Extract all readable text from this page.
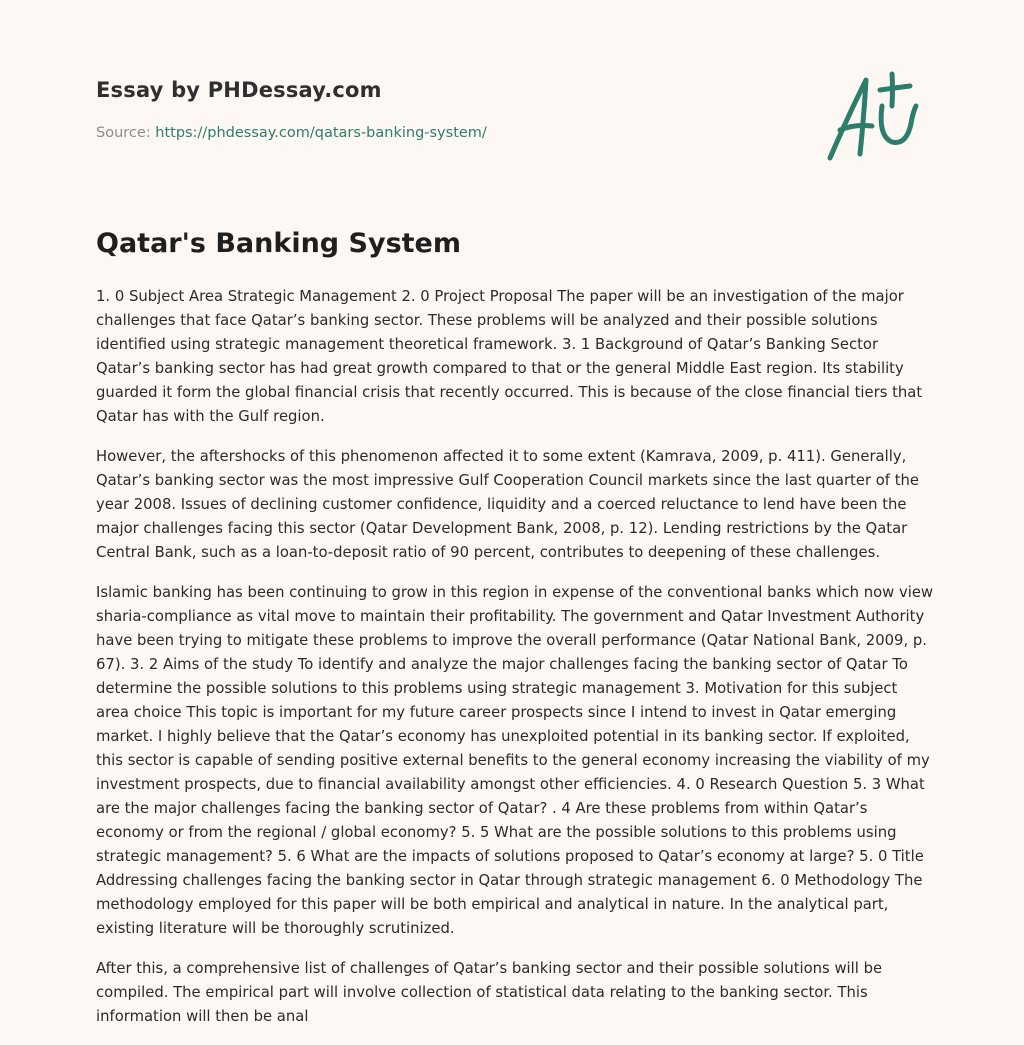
Essay by PHDessay.com
Source: https://phdessay.com/qatars-banking-system/
Qatar's Banking System

1. 0 Subject Area Strategic Management 2. 0 Project Proposal The paper will be an investigation of the major challenges that face Qatar’s banking sector. These problems will be analyzed and their possible solutions identified using strategic management theoretical framework. 3. 1 Background of Qatar’s Banking Sector Qatar’s banking sector has had great growth compared to that or the general Middle East region. Its stability guarded it form the global financial crisis that recently occurred. This is because of the close financial tiers that Qatar has with the Gulf region.

However, the aftershocks of this phenomenon affected it to some extent (Kamrava, 2009, p. 411). Generally, Qatar’s banking sector was the most impressive Gulf Cooperation Council markets since the last quarter of the year 2008. Issues of declining customer confidence, liquidity and a coerced reluctance to lend have been the major challenges facing this sector (Qatar Development Bank, 2008, p. 12). Lending restrictions by the Qatar Central Bank, such as a loan-to-deposit ratio of 90 percent, contributes to deepening of these challenges.

Islamic banking has been continuing to grow in this region in expense of the conventional banks which now view sharia-compliance as vital move to maintain their profitability. The government and Qatar Investment Authority have been trying to mitigate these problems to improve the overall performance (Qatar National Bank, 2009, p. 67). 3. 2 Aims of the study To identify and analyze the major challenges facing the banking sector of Qatar To determine the possible solutions to this problems using strategic management 3. Motivation for this subject area choice This topic is important for my future career prospects since I intend to invest in Qatar emerging market. I highly believe that the Qatar’s economy has unexploited potential in its banking sector. If exploited, this sector is capable of sending positive external benefits to the general economy increasing the viability of my investment prospects, due to financial availability amongst other efficiencies. 4. 0 Research Question 5. 3 What are the major challenges facing the banking sector of Qatar? . 4 Are these problems from within Qatar’s economy or from the regional / global economy? 5. 5 What are the possible solutions to this problems using strategic management? 5. 6 What are the impacts of solutions proposed to Qatar’s economy at large? 5. 0 Title Addressing challenges facing the banking sector in Qatar through strategic management 6. 0 Methodology The methodology employed for this paper will be both empirical and analytical in nature. In the analytical part, existing literature will be thoroughly scrutinized.

After this, a comprehensive list of challenges of Qatar’s banking sector and their possible solutions will be compiled. The empirical part will involve collection of statistical data relating to the banking sector. This information will then be anal
